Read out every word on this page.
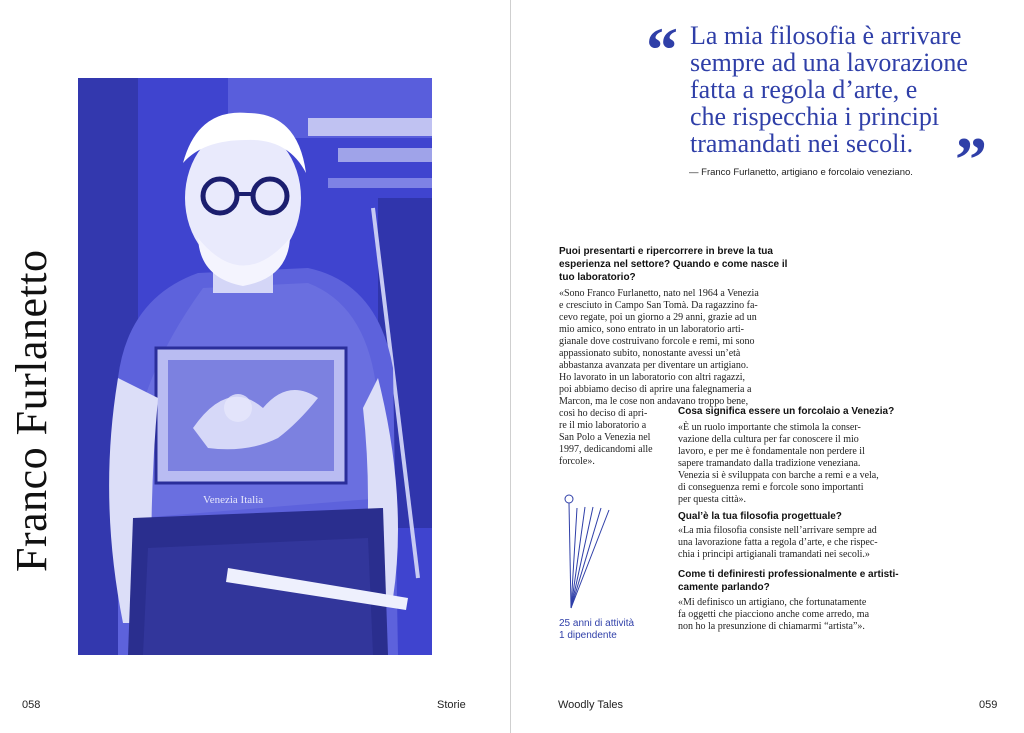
Venezia Italia
Franco Furlanetto
058	Storie
“ La mia filosofia è arrivare
sempre ad una lavorazione
fatta a regola d’arte, e
che rispecchia i principi
tramandati nei secoli. ”
— Franco Furlanetto, artigiano e forcolaio veneziano.
Puoi presentarti e ripercorrere in breve la tua
esperienza nel settore? Quando e come nasce il
tuo laboratorio?
«Sono Franco Furlanetto, nato nel 1964 a Venezia
e cresciuto in Campo San Tomà. Da ragazzino fa-
cevo regate, poi un giorno a 29 anni, grazie ad un
mio amico, sono entrato in un laboratorio arti-
gianale dove costruivano forcole e remi, mi sono
appassionato subito, nonostante avessi un’età
abbastanza avanzata per diventare un artigiano.
Ho lavorato in un laboratorio con altri ragazzi,
poi abbiamo deciso di aprire una falegnameria a
Marcon, ma le cose non andavano troppo bene,
così ho deciso di apri-
re il mio laboratorio a
San Polo a Venezia nel
1997, dedicandomi alle
forcole».
Cosa significa essere un forcolaio a Venezia?
«È un ruolo importante che stimola la conser-
vazione della cultura per far conoscere il mio
lavoro, e per me è fondamentale non perdere il
sapere tramandato dalla tradizione veneziana.
Venezia si è sviluppata con barche a remi e a vela,
di conseguenza remi e forcole sono importanti
per questa città».
Qual’è la tua filosofia progettuale?
«La mia filosofia consiste nell’arrivare sempre ad
una lavorazione fatta a regola d’arte, e che rispec-
chia i principi artigianali tramandati nei secoli.»
Come ti definiresti professionalmente e artisti-
camente parlando?
«Mi definisco un artigiano, che fortunatamente
fa oggetti che piacciono anche come arredo, ma
non ho la presunzione di chiamarmi “artista”».
25 anni di attività
1 dipendente
Woodly Tales	059
